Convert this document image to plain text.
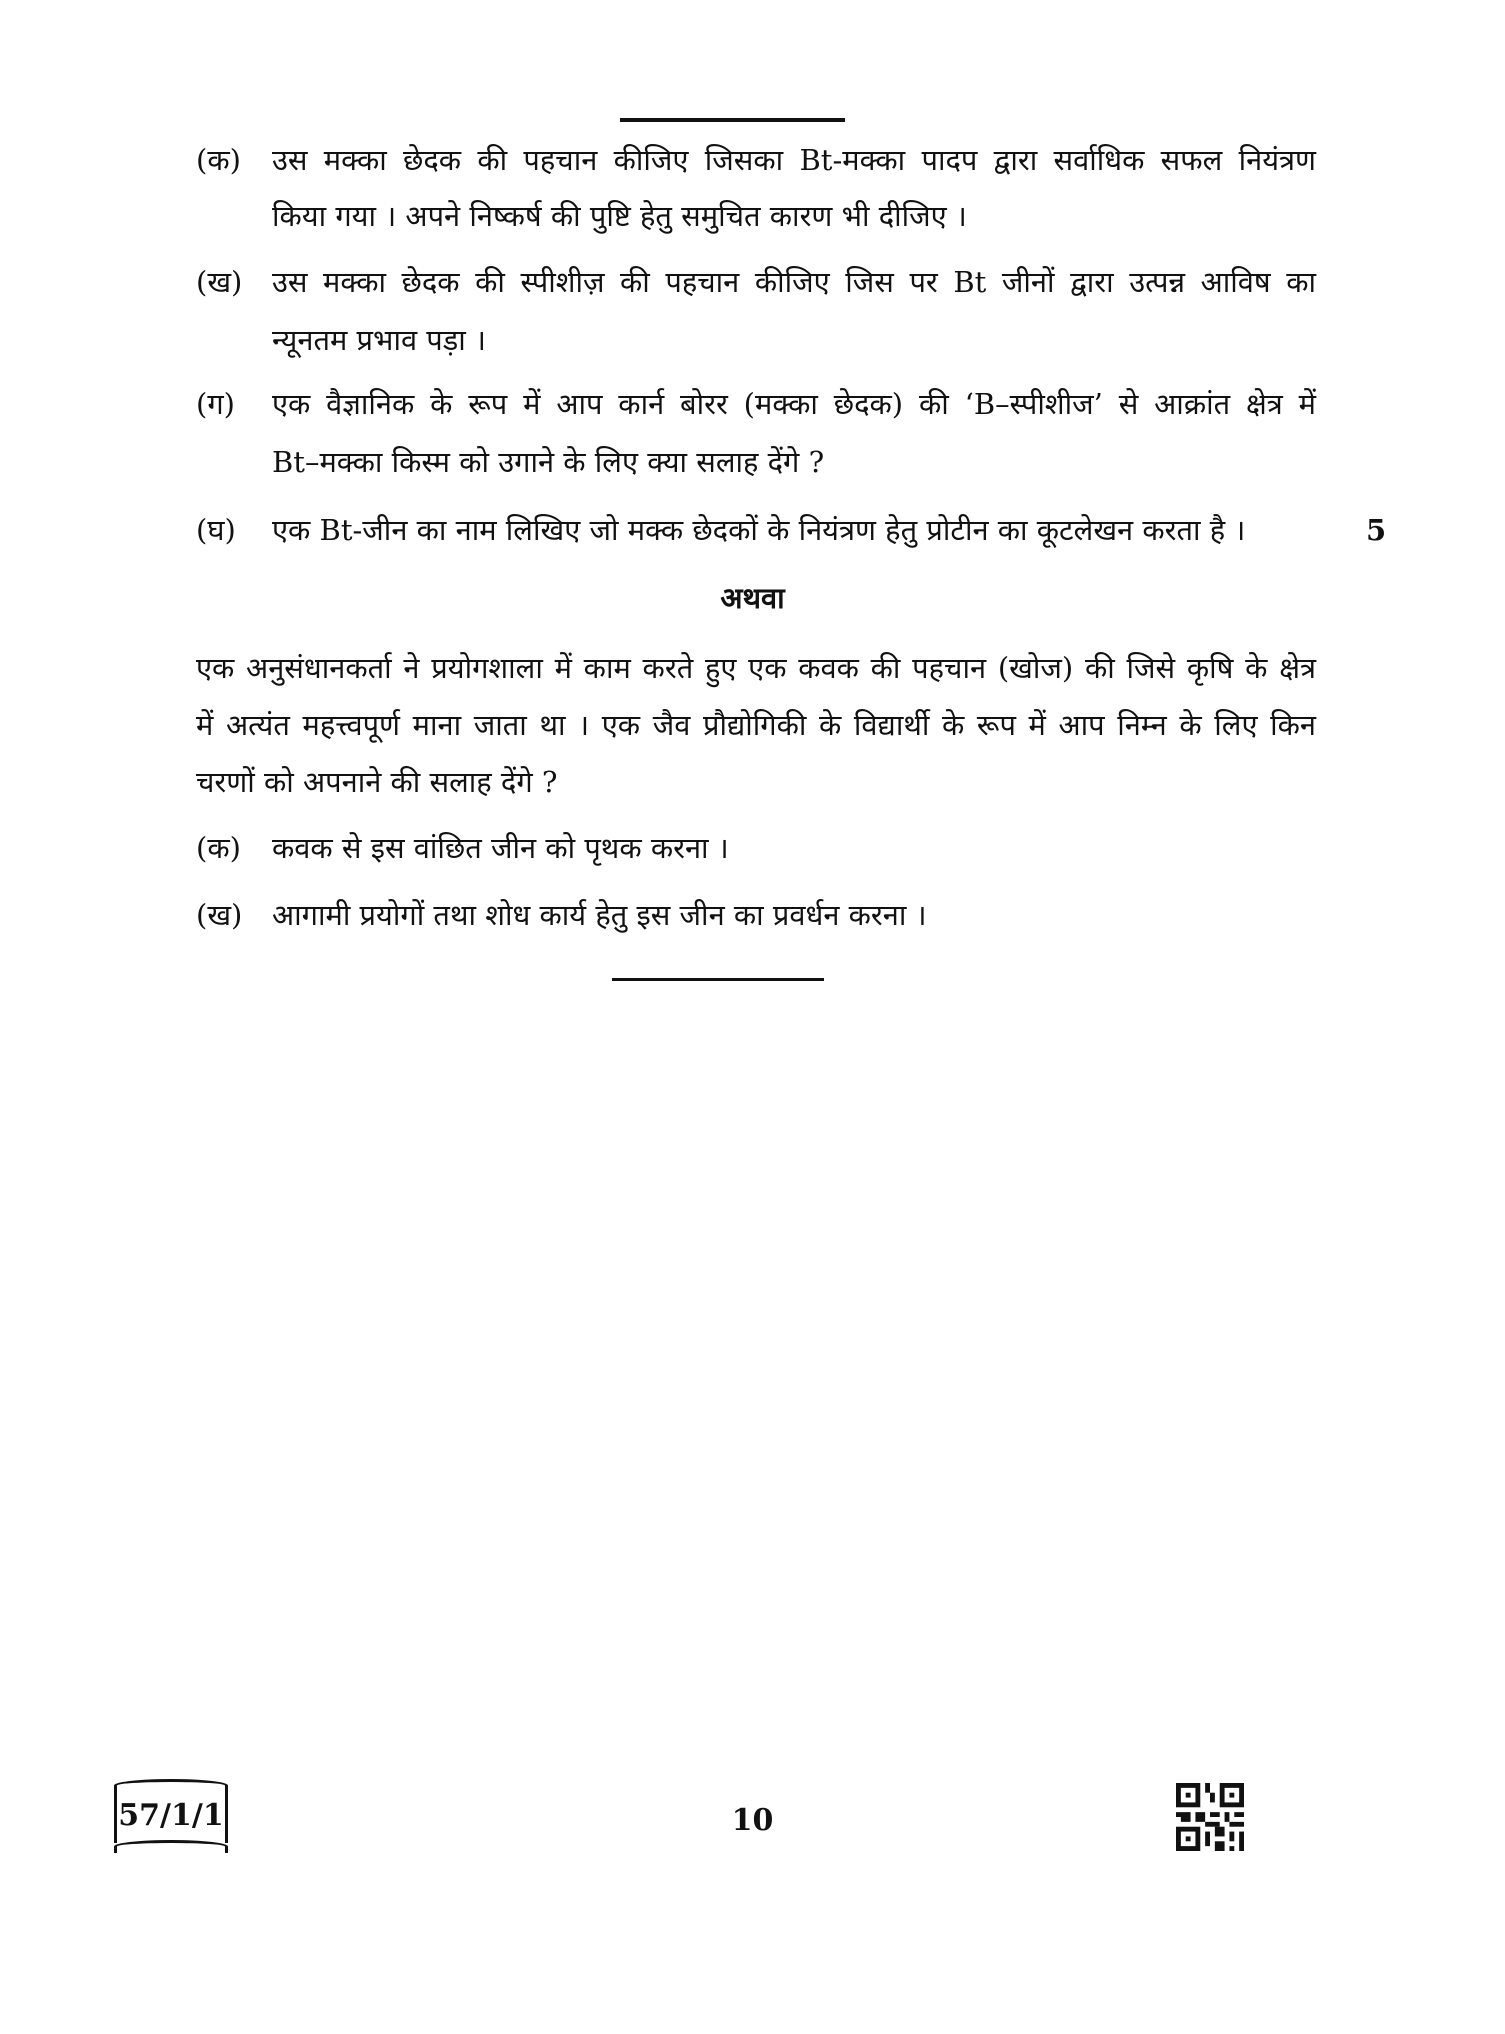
(क) उस मक्का छेदक की पहचान कीजिए जिसका Bt-मक्का पादप द्वारा सर्वाधिक सफल नियंत्रण
किया गया । अपने निष्कर्ष की पुष्टि हेतु समुचित कारण भी दीजिए ।
(ख) उस मक्का छेदक की स्पीशीज़ की पहचान कीजिए जिस पर Bt जीनों द्वारा उत्पन्न आविष का
न्यूनतम प्रभाव पड़ा ।
(ग) एक वैज्ञानिक के रूप में आप कार्न बोरर (मक्का छेदक) की ‘B–स्पीशीज’ से आक्रांत क्षेत्र में
Bt–मक्का किस्म को उगाने के लिए क्या सलाह देंगे ?
(घ) एक Bt-जीन का नाम लिखिए जो मक्क छेदकों के नियंत्रण हेतु प्रोटीन का कूटलेखन करता है ।	5
अथवा
एक अनुसंधानकर्ता ने प्रयोगशाला में काम करते हुए एक कवक की पहचान (खोज) की जिसे कृषि के क्षेत्र
में अत्यंत महत्त्वपूर्ण माना जाता था । एक जैव प्रौद्योगिकी के विद्यार्थी के रूप में आप निम्न के लिए किन
चरणों को अपनाने की सलाह देंगे ?
(क) कवक से इस वांछित जीन को पृथक करना ।
(ख) आगामी प्रयोगों तथा शोध कार्य हेतु इस जीन का प्रवर्धन करना ।
57/1/1	10
